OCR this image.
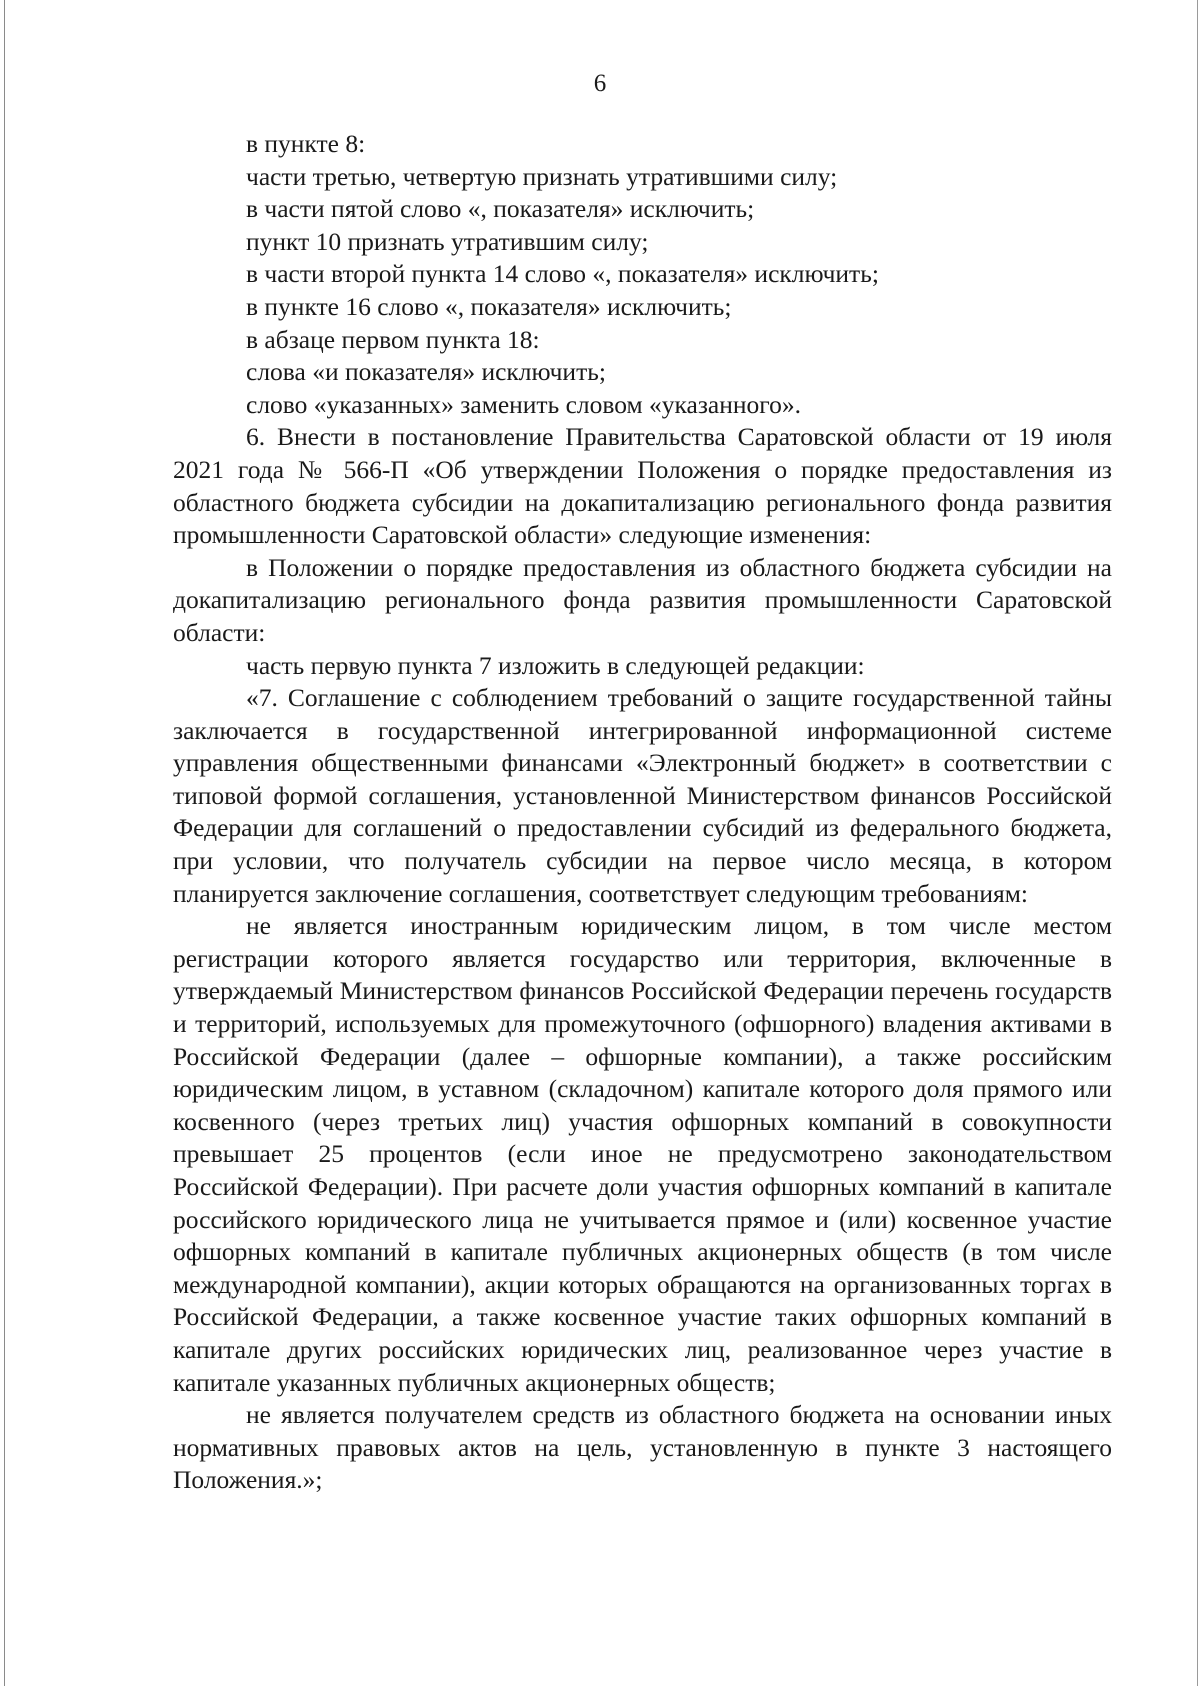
6

в пункте 8:

части третью, четвертую признать утратившими силу;

в части пятой слово «, показателя» исключить;

пункт 10 признать утратившим силу;

в части второй пункта 14 слово «, показателя» исключить;

в пункте 16 слово «, показателя» исключить;

в абзаце первом пункта 18:

слова «и показателя» исключить;

слово «указанных» заменить словом «указанного».

6. Внести в постановление Правительства Саратовской области от 19 июля 2021 года № 566-П «Об утверждении Положения о порядке предоставления из областного бюджета субсидии на докапитализацию регионального фонда развития промышленности Саратовской области» следующие изменения:

в Положении о порядке предоставления из областного бюджета субсидии на докапитализацию регионального фонда развития промышленности Саратовской области:

часть первую пункта 7 изложить в следующей редакции:

«7. Соглашение с соблюдением требований о защите государственной тайны заключается в государственной интегрированной информационной системе управления общественными финансами «Электронный бюджет» в соответствии с типовой формой соглашения, установленной Министерством финансов Российской Федерации для соглашений о предоставлении субсидий из федерального бюджета, при условии, что получатель субсидии на первое число месяца, в котором планируется заключение соглашения, соответствует следующим требованиям:

не является иностранным юридическим лицом, в том числе местом регистрации которого является государство или территория, включенные в утверждаемый Министерством финансов Российской Федерации перечень государств и территорий, используемых для промежуточного (офшорного) владения активами в Российской Федерации (далее – офшорные компании), а также российским юридическим лицом, в уставном (складочном) капитале которого доля прямого или косвенного (через третьих лиц) участия офшорных компаний в совокупности превышает 25 процентов (если иное не предусмотрено законодательством Российской Федерации). При расчете доли участия офшорных компаний в капитале российского юридического лица не учитывается прямое и (или) косвенное участие офшорных компаний в капитале публичных акционерных обществ (в том числе международной компании), акции которых обращаются на организованных торгах в Российской Федерации, а также косвенное участие таких офшорных компаний в капитале других российских юридических лиц, реализованное через участие в капитале указанных публичных акционерных обществ;

не является получателем средств из областного бюджета на основании иных нормативных правовых актов на цель, установленную в пункте 3 настоящего Положения.»;
